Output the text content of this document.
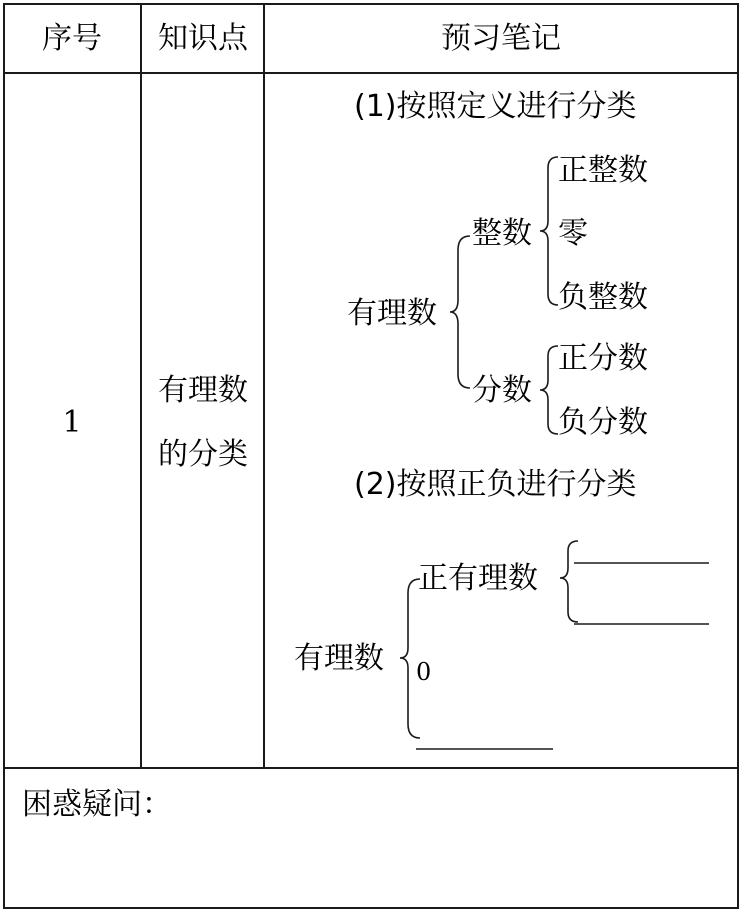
序号 知识点	预习笔记
1
有理数
的分类
(1)按照定义进行分类
有理数
整数
正整数
零
负整数
分数
正分数
负分数
(2)按照正负进行分类
有理数
正有理数
0
困惑疑问：
